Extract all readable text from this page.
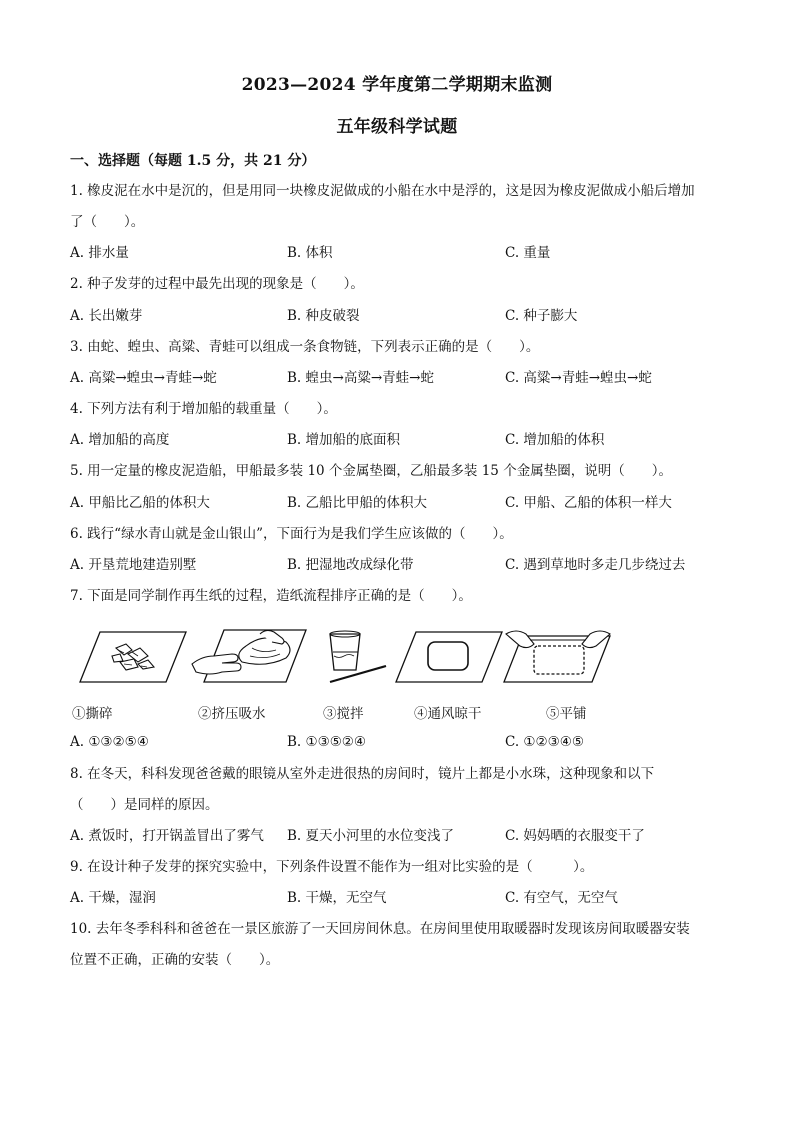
2023—2024 学年度第二学期期末监测
五年级科学试题
一、选择题（每题 1.5 分，共 21 分）
1. 橡皮泥在水中是沉的，但是用同一块橡皮泥做成的小船在水中是浮的，这是因为橡皮泥做成小船后增加
了（　　）。
A. 排水量	B. 体积	C. 重量
2. 种子发芽的过程中最先出现的现象是（　　）。
A. 长出嫩芽	B. 种皮破裂	C. 种子膨大
3. 由蛇、蝗虫、高粱、青蛙可以组成一条食物链，下列表示正确的是（　　）。
A. 高粱→蝗虫→青蛙→蛇	B. 蝗虫→高粱→青蛙→蛇	C. 高粱→青蛙→蝗虫→蛇
4. 下列方法有利于增加船的载重量（　　）。
A. 增加船的高度	B. 增加船的底面积	C. 增加船的体积
5. 用一定量的橡皮泥造船，甲船最多装 10 个金属垫圈，乙船最多装 15 个金属垫圈，说明（　　）。
A. 甲船比乙船的体积大	B. 乙船比甲船的体积大	C. 甲船、乙船的体积一样大
6. 践行“绿水青山就是金山银山”，下面行为是我们学生应该做的（　　）。
A. 开垦荒地建造别墅	B. 把湿地改成绿化带	C. 遇到草地时多走几步绕过去
7. 下面是同学制作再生纸的过程，造纸流程排序正确的是（　　）。
①撕碎	②挤压吸水	③搅拌	④通风晾干	⑤平铺
A. ①③②⑤④	B. ①③⑤②④	C. ①②③④⑤
8. 在冬天，科科发现爸爸戴的眼镜从室外走进很热的房间时，镜片上都是小水珠，这种现象和以下
（　　）是同样的原因。
A. 煮饭时，打开锅盖冒出了雾气 B. 夏天小河里的水位变浅了	C. 妈妈晒的衣服变干了
9. 在设计种子发芽的探究实验中，下列条件设置不能作为一组对比实验的是（　　　）。
A. 干燥，湿润	B. 干燥，无空气	C. 有空气，无空气
10. 去年冬季科科和爸爸在一景区旅游了一天回房间休息。在房间里使用取暖器时发现该房间取暖器安装
位置不正确，正确的安装（　　）。
